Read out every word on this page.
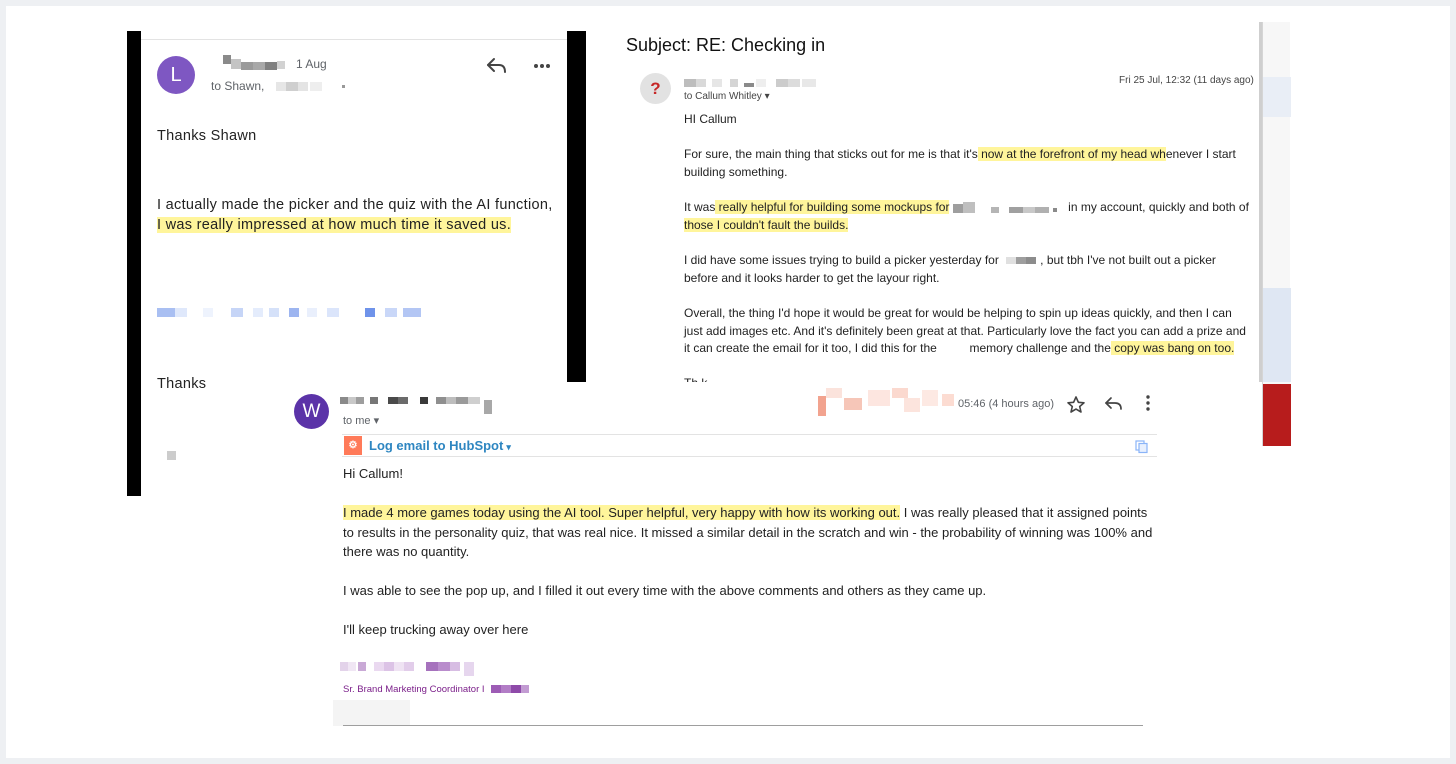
L	1 Aug
to Shawn,
Thanks Shawn
I actually made the picker and the quiz with the AI function, I was really impressed at how much time it saved us.
Thanks
Subject: RE: Checking in
?	to Callum Whitley ▾
Fri 25 Jul, 12:32 (11 days ago)
HI Callum
For sure, the main thing that sticks out for me is that it's now at the forefront of my head whenever I start building something.
It was really helpful for building some mockups for	in my account, quickly and both of
those I couldn't fault the builds.
I did have some issues trying to build a picker yesterday for	, but tbh I've not built out a picker before and it looks harder to get the layour right.
Overall, the thing I'd hope it would be great for would be helping to spin up ideas quickly, and then I can just add images etc. And it's definitely been great at that. Particularly love the fact you can add a prize and it can create the email for it too, I did this for the	memory challenge and the copy was bang on too.
W	to me ▾
05:46 (4 hours ago)
⚙ Log email to HubSpot ▾
Hi Callum!
I made 4 more games today using the AI tool. Super helpful, very happy with how its working out. I was really pleased that it assigned points to results in the personality quiz, that was real nice. It missed a similar detail in the scratch and win - the probability of winning was 100% and there was no quantity.
I was able to see the pop up, and I filled it out every time with the above comments and others as they came up.
I'll keep trucking away over here
Sr. Brand Marketing Coordinator I
